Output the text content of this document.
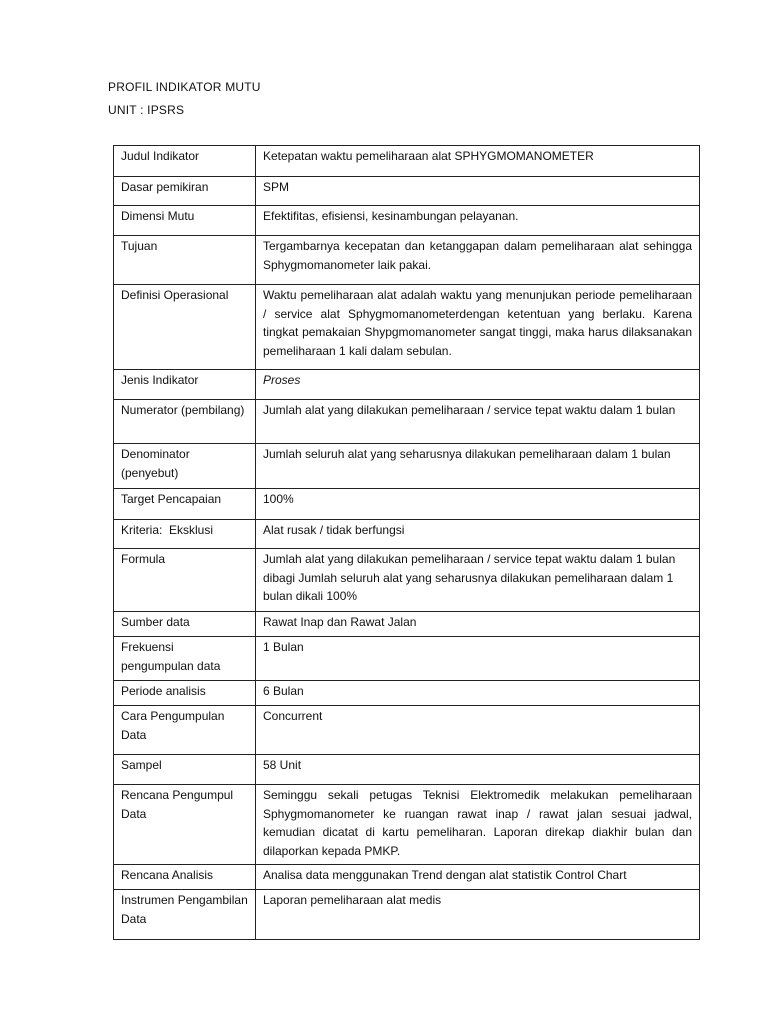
PROFIL INDIKATOR MUTU
UNIT : IPSRS
Judul Indikator	Ketepatan waktu pemeliharaan alat SPHYGMOMANOMETER
Dasar pemikiran	SPM
Dimensi Mutu	Efektifitas, efisiensi, kesinambungan pelayanan.
Tujuan	Tergambarnya kecepatan dan ketanggapan dalam pemeliharaan alat sehingga Sphygmomanometer laik pakai.
Definisi Operasional	Waktu pemeliharaan alat adalah waktu yang menunjukan periode pemeliharaan / service alat Sphygmomanometerdengan ketentuan yang berlaku. Karena tingkat pemakaian Shypgmomanometer sangat tinggi, maka harus dilaksanakan pemeliharaan 1 kali dalam sebulan.
Jenis Indikator	Proses
Numerator (pembilang)	Jumlah alat yang dilakukan pemeliharaan / service tepat waktu dalam 1 bulan
Denominator (penyebut)	Jumlah seluruh alat yang seharusnya dilakukan pemeliharaan dalam 1 bulan
Target Pencapaian	100%
Kriteria:  Eksklusi	Alat rusak / tidak berfungsi
Formula	Jumlah alat yang dilakukan pemeliharaan / service tepat waktu dalam 1 bulan dibagi Jumlah seluruh alat yang seharusnya dilakukan pemeliharaan dalam 1 bulan dikali 100%
Sumber data	Rawat Inap dan Rawat Jalan
Frekuensi pengumpulan data	1 Bulan
Periode analisis	6 Bulan
Cara Pengumpulan Data	Concurrent
Sampel	58 Unit
Rencana Pengumpul Data	Seminggu sekali petugas Teknisi Elektromedik melakukan pemeliharaan Sphygmomanometer ke ruangan rawat inap / rawat jalan sesuai jadwal, kemudian dicatat di kartu pemeliharan. Laporan direkap diakhir bulan dan dilaporkan kepada PMKP.
Rencana Analisis	Analisa data menggunakan Trend dengan alat statistik Control Chart
Instrumen Pengambilan Data	Laporan pemeliharaan alat medis
